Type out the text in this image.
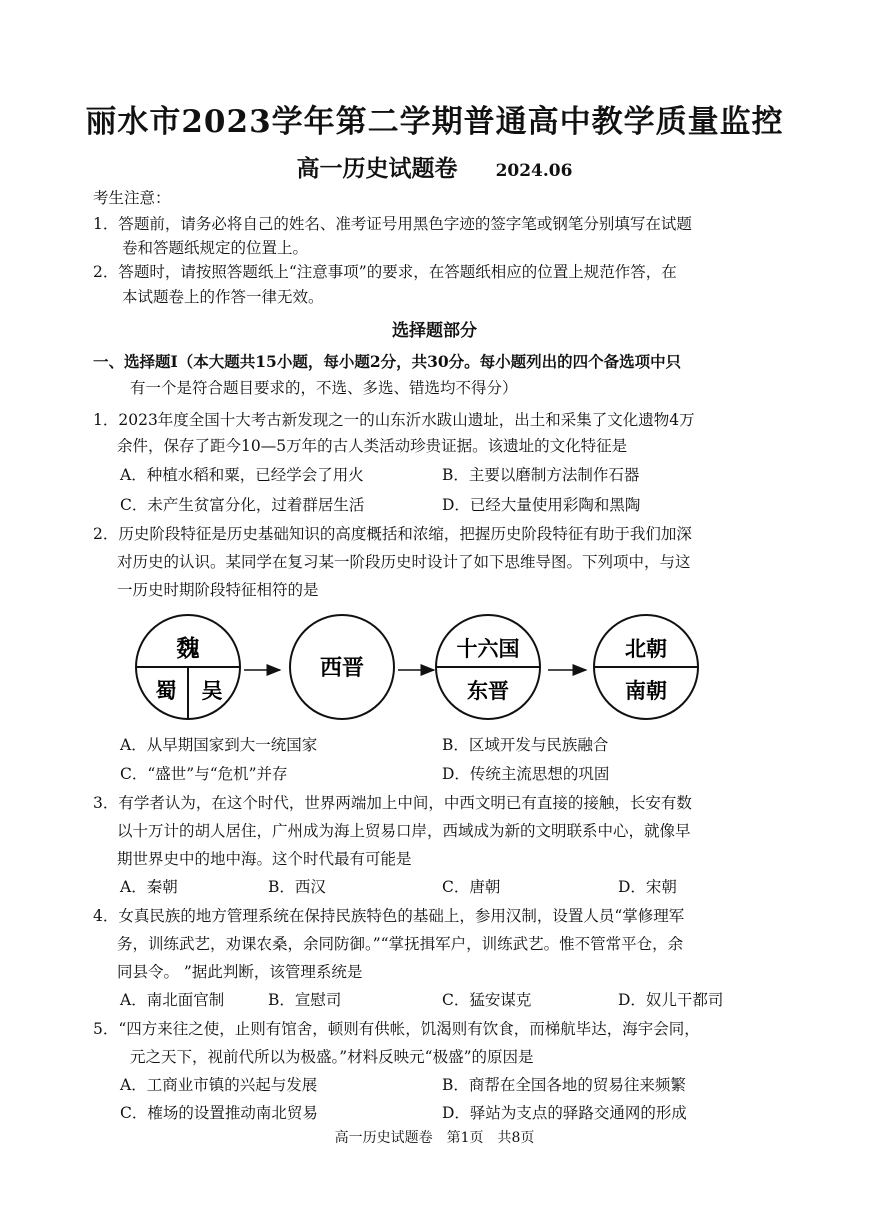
丽水市2023学年第二学期普通高中教学质量监控
高一历史试题卷 2024.06
考生注意：
1．答题前，请务必将自己的姓名、准考证号用黑色字迹的签字笔或钢笔分别填写在试题
卷和答题纸规定的位置上。
2．答题时，请按照答题纸上“注意事项”的要求，在答题纸相应的位置上规范作答，在
本试题卷上的作答一律无效。
选择题部分
一、选择题Ⅰ（本大题共15小题，每小题2分，共30分。每小题列出的四个备选项中只
有一个是符合题目要求的，不选、多选、错选均不得分）
1．2023年度全国十大考古新发现之一的山东沂水跋山遗址，出土和采集了文化遗物4万
余件，保存了距今10—5万年的古人类活动珍贵证据。该遗址的文化特征是
A．种植水稻和粟，已经学会了用火	B．主要以磨制方法制作石器
C．未产生贫富分化，过着群居生活	D．已经大量使用彩陶和黑陶
2．历史阶段特征是历史基础知识的高度概括和浓缩，把握历史阶段特征有助于我们加深
对历史的认识。某同学在复习某一阶段历史时设计了如下思维导图。下列项中，与这
一历史时期阶段特征相符的是
魏
蜀 吴
西晋
十六国
东晋
北朝
南朝
A．从早期国家到大一统国家	B．区域开发与民族融合
C．“盛世”与“危机”并存	D．传统主流思想的巩固
3．有学者认为，在这个时代，世界两端加上中间，中西文明已有直接的接触，长安有数
以十万计的胡人居住，广州成为海上贸易口岸，西域成为新的文明联系中心，就像早
期世界史中的地中海。这个时代最有可能是
A．秦朝	B．西汉	C．唐朝	D．宋朝
4．女真民族的地方管理系统在保持民族特色的基础上，参用汉制，设置人员“掌修理军
务，训练武艺，劝课农桑，余同防御。”“掌抚揖军户，训练武艺。惟不管常平仓，余
同县令。 ”据此判断，该管理系统是
A．南北面官制	B．宣慰司	C．猛安谋克	D．奴儿干都司
5．“四方来往之使，止则有馆舍，顿则有供帐，饥渴则有饮食，而梯航毕达，海宇会同，
元之天下，视前代所以为极盛。”材料反映元“极盛”的原因是
A．工商业市镇的兴起与发展	B．商帮在全国各地的贸易往来频繁
C．榷场的设置推动南北贸易	D．驿站为支点的驿路交通网的形成
高一历史试题卷　第1页　共8页
